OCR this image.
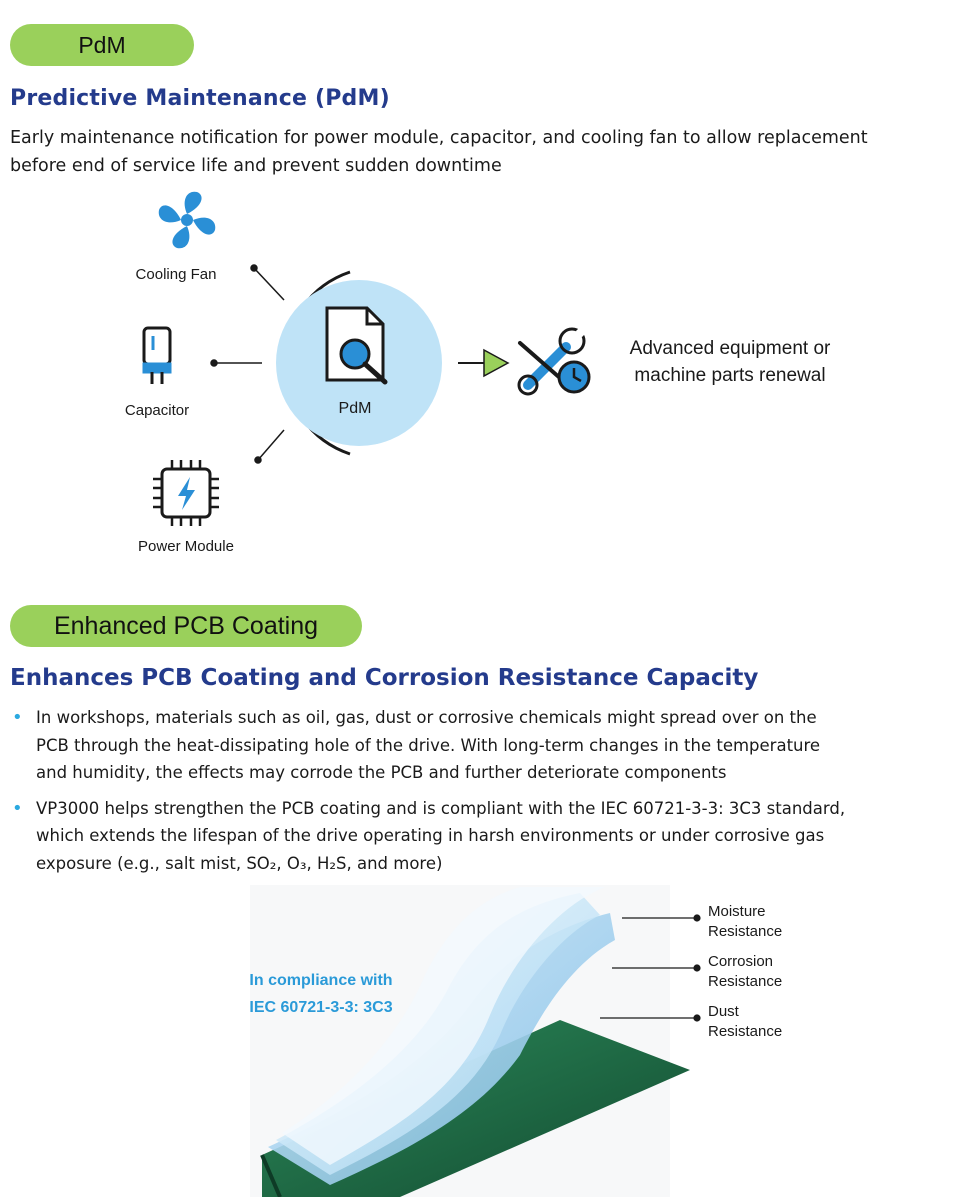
PdM
Predictive Maintenance (PdM)
Early maintenance notification for power module, capacitor, and cooling fan to allow replacement
before end of service life and prevent sudden downtime
Cooling Fan
Capacitor
Power Module
PdM
Advanced equipment or
machine parts renewal
Enhanced PCB Coating
Enhances PCB Coating and Corrosion Resistance Capacity
• In workshops, materials such as oil, gas, dust or corrosive chemicals might spread over on the
PCB through the heat-dissipating hole of the drive. With long-term changes in the temperature
and humidity, the effects may corrode the PCB and further deteriorate components
• VP3000 helps strengthen the PCB coating and is compliant with the IEC 60721-3-3: 3C3 standard,
which extends the lifespan of the drive operating in harsh environments or under corrosive gas
exposure (e.g., salt mist, SO₂, O₃, H₂S, and more)
In compliance with
IEC 60721-3-3: 3C3
Moisture
Resistance
Corrosion
Resistance
Dust
Resistance
